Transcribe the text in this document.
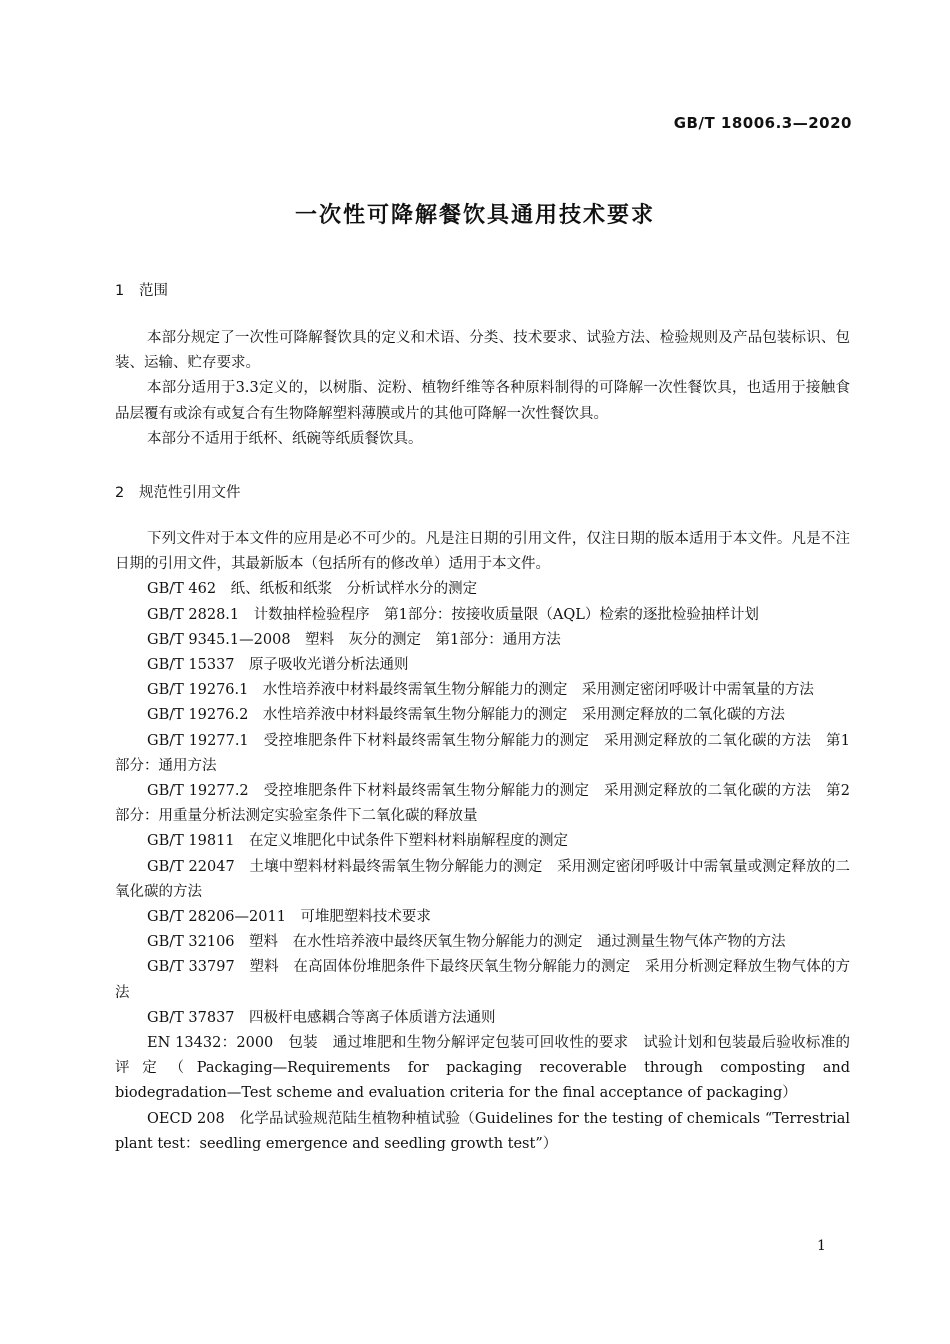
GB/T 18006.3—2020
一次性可降解餐饮具通用技术要求
1 范围

本部分规定了一次性可降解餐饮具的定义和术语、分类、技术要求、试验方法、检验规则及产品包装标识、包装、运输、贮存要求。

本部分适用于3.3定义的，以树脂、淀粉、植物纤维等各种原料制得的可降解一次性餐饮具，也适用于接触食品层覆有或涂有或复合有生物降解塑料薄膜或片的其他可降解一次性餐饮具。

本部分不适用于纸杯、纸碗等纸质餐饮具。

2 规范性引用文件

下列文件对于本文件的应用是必不可少的。凡是注日期的引用文件，仅注日期的版本适用于本文件。凡是不注日期的引用文件，其最新版本（包括所有的修改单）适用于本文件。

GB/T 462　纸、纸板和纸浆　分析试样水分的测定

GB/T 2828.1　计数抽样检验程序　第1部分：按接收质量限（AQL）检索的逐批检验抽样计划

GB/T 9345.1—2008　塑料　灰分的测定　第1部分：通用方法

GB/T 15337　原子吸收光谱分析法通则

GB/T 19276.1　水性培养液中材料最终需氧生物分解能力的测定　采用测定密闭呼吸计中需氧量的方法

GB/T 19276.2　水性培养液中材料最终需氧生物分解能力的测定　采用测定释放的二氧化碳的方法

GB/T 19277.1　受控堆肥条件下材料最终需氧生物分解能力的测定　采用测定释放的二氧化碳的方法　第1部分：通用方法

GB/T 19277.2　受控堆肥条件下材料最终需氧生物分解能力的测定　采用测定释放的二氧化碳的方法　第2部分：用重量分析法测定实验室条件下二氧化碳的释放量

GB/T 19811　在定义堆肥化中试条件下塑料材料崩解程度的测定

GB/T 22047　土壤中塑料材料最终需氧生物分解能力的测定　采用测定密闭呼吸计中需氧量或测定释放的二氧化碳的方法

GB/T 28206—2011　可堆肥塑料技术要求

GB/T 32106　塑料　在水性培养液中最终厌氧生物分解能力的测定　通过测量生物气体产物的方法

GB/T 33797　塑料　在高固体份堆肥条件下最终厌氧生物分解能力的测定　采用分析测定释放生物气体的方法

GB/T 37837　四极杆电感耦合等离子体质谱方法通则

EN 13432：2000　包装　通过堆肥和生物分解评定包装可回收性的要求　试验计划和包装最后验收标准的评定（Packaging—Requirements for packaging recoverable through composting and biodegradation—Test scheme and evaluation criteria for the final acceptance of packaging）

OECD 208　化学品试验规范陆生植物种植试验（Guidelines for the testing of chemicals “Terrestrial plant test：seedling emergence and seedling growth test”）

1
